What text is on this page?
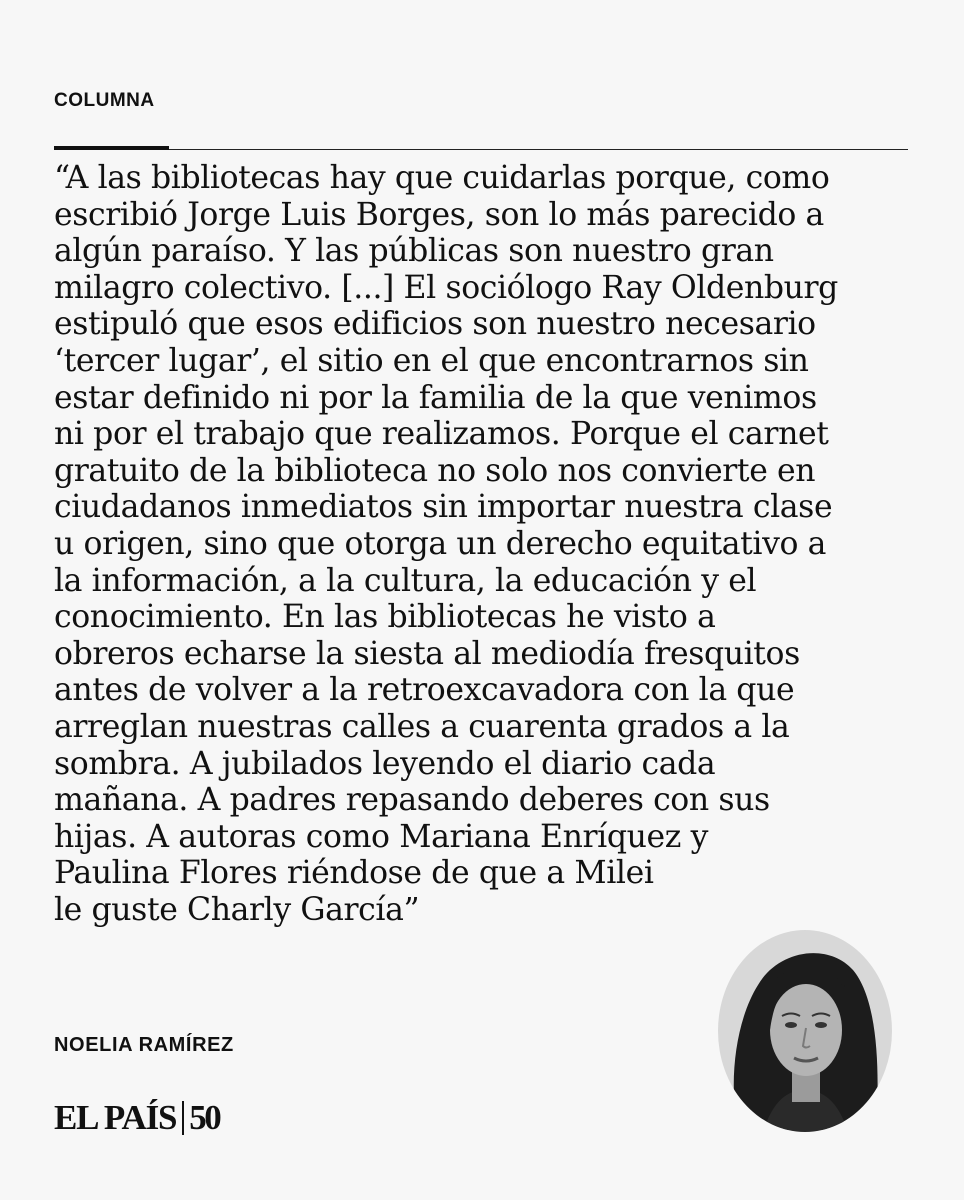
COLUMNA
“A las bibliotecas hay que cuidarlas porque, como
escribió Jorge Luis Borges, son lo más parecido a
algún paraíso. Y las públicas son nuestro gran
milagro colectivo. [...] El sociólogo Ray Oldenburg
estipuló que esos edificios son nuestro necesario
‘tercer lugar’, el sitio en el que encontrarnos sin
estar definido ni por la familia de la que venimos
ni por el trabajo que realizamos. Porque el carnet
gratuito de la biblioteca no solo nos convierte en
ciudadanos inmediatos sin importar nuestra clase
u origen, sino que otorga un derecho equitativo a
la información, a la cultura, la educación y el
conocimiento. En las bibliotecas he visto a
obreros echarse la siesta al mediodía fresquitos
antes de volver a la retroexcavadora con la que
arreglan nuestras calles a cuarenta grados a la
sombra. A jubilados leyendo el diario cada
mañana. A padres repasando deberes con sus
hijas. A autoras como Mariana Enríquez y
Paulina Flores riéndose de que a Milei
le guste Charly García”
NOELIA RAMÍREZ
EL PAÍS 50
